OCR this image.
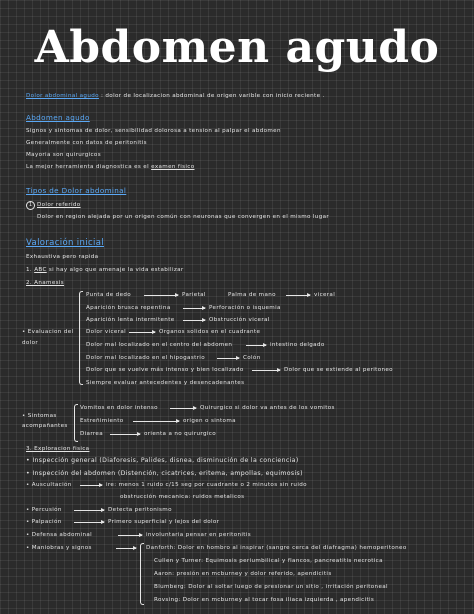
Abdomen agudo
Dolor abdominal agudo : dolor de localizacion abdominal de origen varible con inicio reciente .
Abdomen agudo
Signos y sintomas de dolor, sensibilidad dolorosa a tension al palpar el abdomen
Generalmente con datos de peritonitis
Mayoria son quirurgicos
La mejor herramienta diagnostica es el examen fisico
Tipos de Dolor abdominal
1 Dolor referido
Dolor en region alejada por un origen común con neuronas que convergen en el mismo lugar
Valoración inicial
Exhaustiva pero rapida
1. ABC si hay algo que amenaje la vida estabilizar
2. Anamesis
• Evaluacion del dolor
Punta de dedo	Parietal	Palma de mano	viceral
Aparición brusca repentina	Perforación o isquemia
Aparición lenta intermitente	Obstrucción viceral
Dolor viceral	Organos solidos en el cuadrante
Dolor mal localizado en el centro del abdomen	intestino delgado
Dolor mal localizado en el hipogastrio	Colón
Dolor que se vuelve más intenso y bien localizado	Dolor que se extiende al peritoneo
Siempre evaluar antecedentes y desencadenantes
• Sintomas acompañantes
Vomitos en dolor intenso	Quirurgico si dolor va antes de los vomitos
Estreñimiento	origen o sintoma
Diarrea	orienta a no quirurgico
3. Exploracion fisica
• Inspección general (Diaforesis, Palides, disnea, disminución de la conciencia)
• Inspección del abdomen (Distención, cicatrices, eritema, ampollas, equimosis)
• Auscultación	ire: menos 1 ruido c/15 seg por cuadrante o 2 minutos sin ruido
obstrucción mecanica: ruidos metalicos
• Percusión	Detecta peritonismo
• Palpación	Primero superficial y lejos del dolor
• Defensa abdominal	involuntaria pensar en peritonitis
• Maniobras y signos	Danforth: Dolor en hombro al inspirar (sangre cerca del diafragma) hemoperitoneo
Cullen y Turner: Equimosis periumbilical y flancos, pancreatitis necrotica
Aaron: presión en mcburney y dolor referido, apendicitis
Blumberg: Dolor al soltar luego de presionar un sitio , irritación peritoneal
Rovsing: Dolor en mcburney al tocar fosa iliaca izquierda , apendicitis
